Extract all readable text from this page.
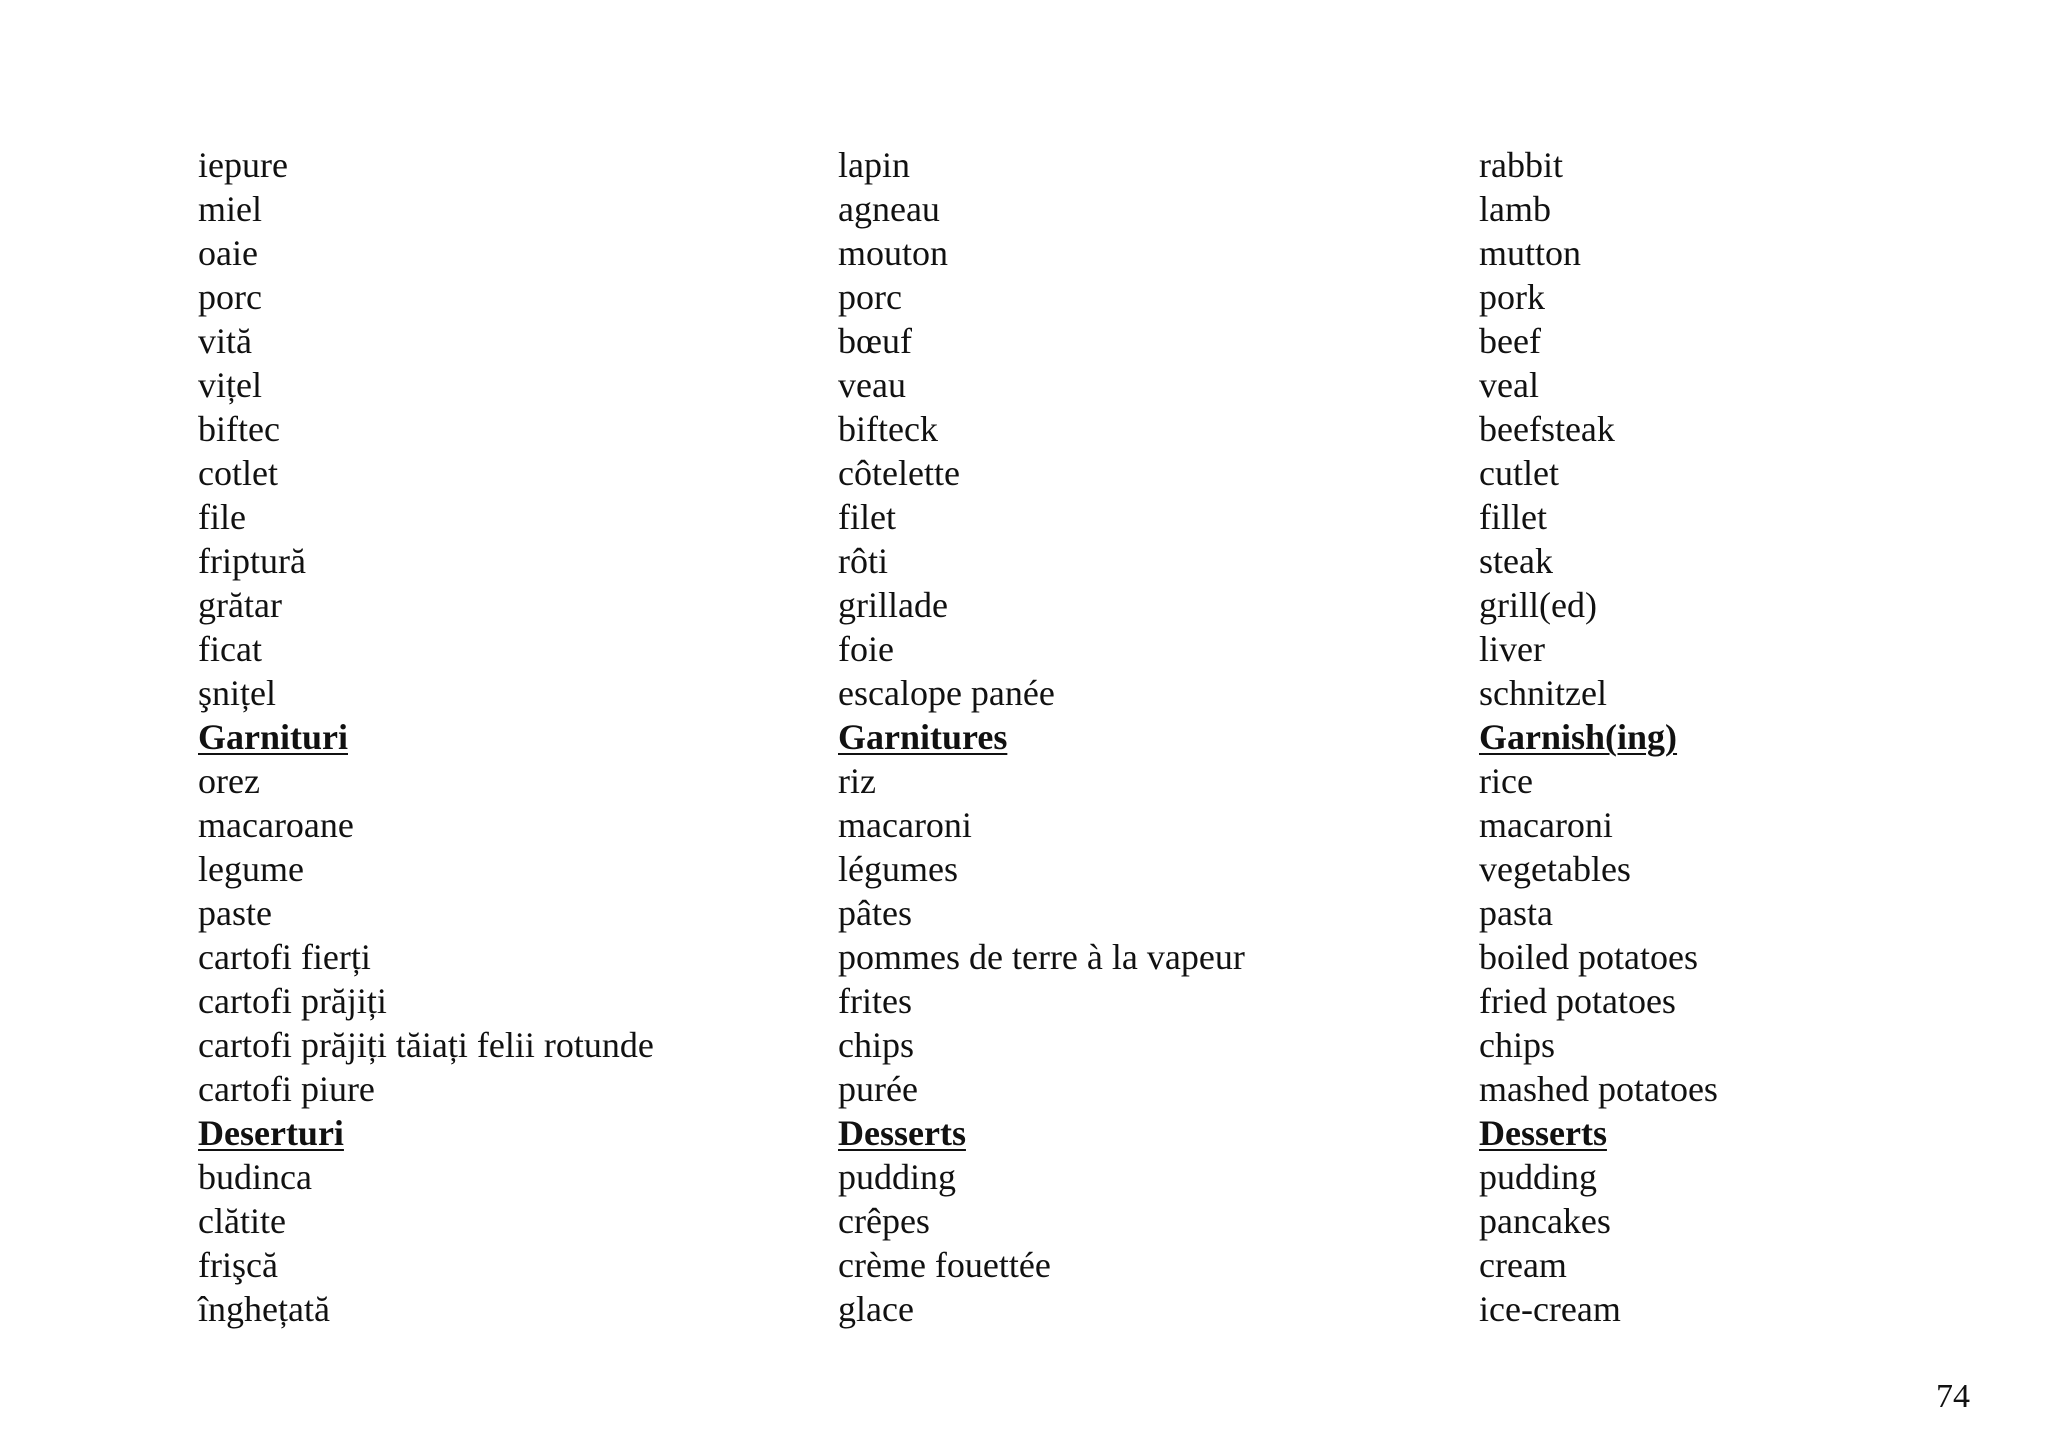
iepure
miel
oaie
porc
vită
vițel
biftec
cotlet
file
friptură
grătar
ficat
şnițel
Garnituri
orez
macaroane
legume
paste
cartofi fierți
cartofi prăjiți
cartofi prăjiți tăiați felii rotunde
cartofi piure
Deserturi
budinca
clătite
frişcă
înghețată
lapin
agneau
mouton
porc
bœuf
veau
bifteck
côtelette
filet
rôti
grillade
foie
escalope panée
Garnitures
riz
macaroni
légumes
pâtes
pommes de terre à la vapeur
frites
chips
purée
Desserts
pudding
crêpes
crème fouettée
glace
rabbit
lamb
mutton
pork
beef
veal
beefsteak
cutlet
fillet
steak
grill(ed)
liver
schnitzel
Garnish(ing)
rice
macaroni
vegetables
pasta
boiled potatoes
fried potatoes
chips
mashed potatoes
Desserts
pudding
pancakes
cream
ice-cream
74
